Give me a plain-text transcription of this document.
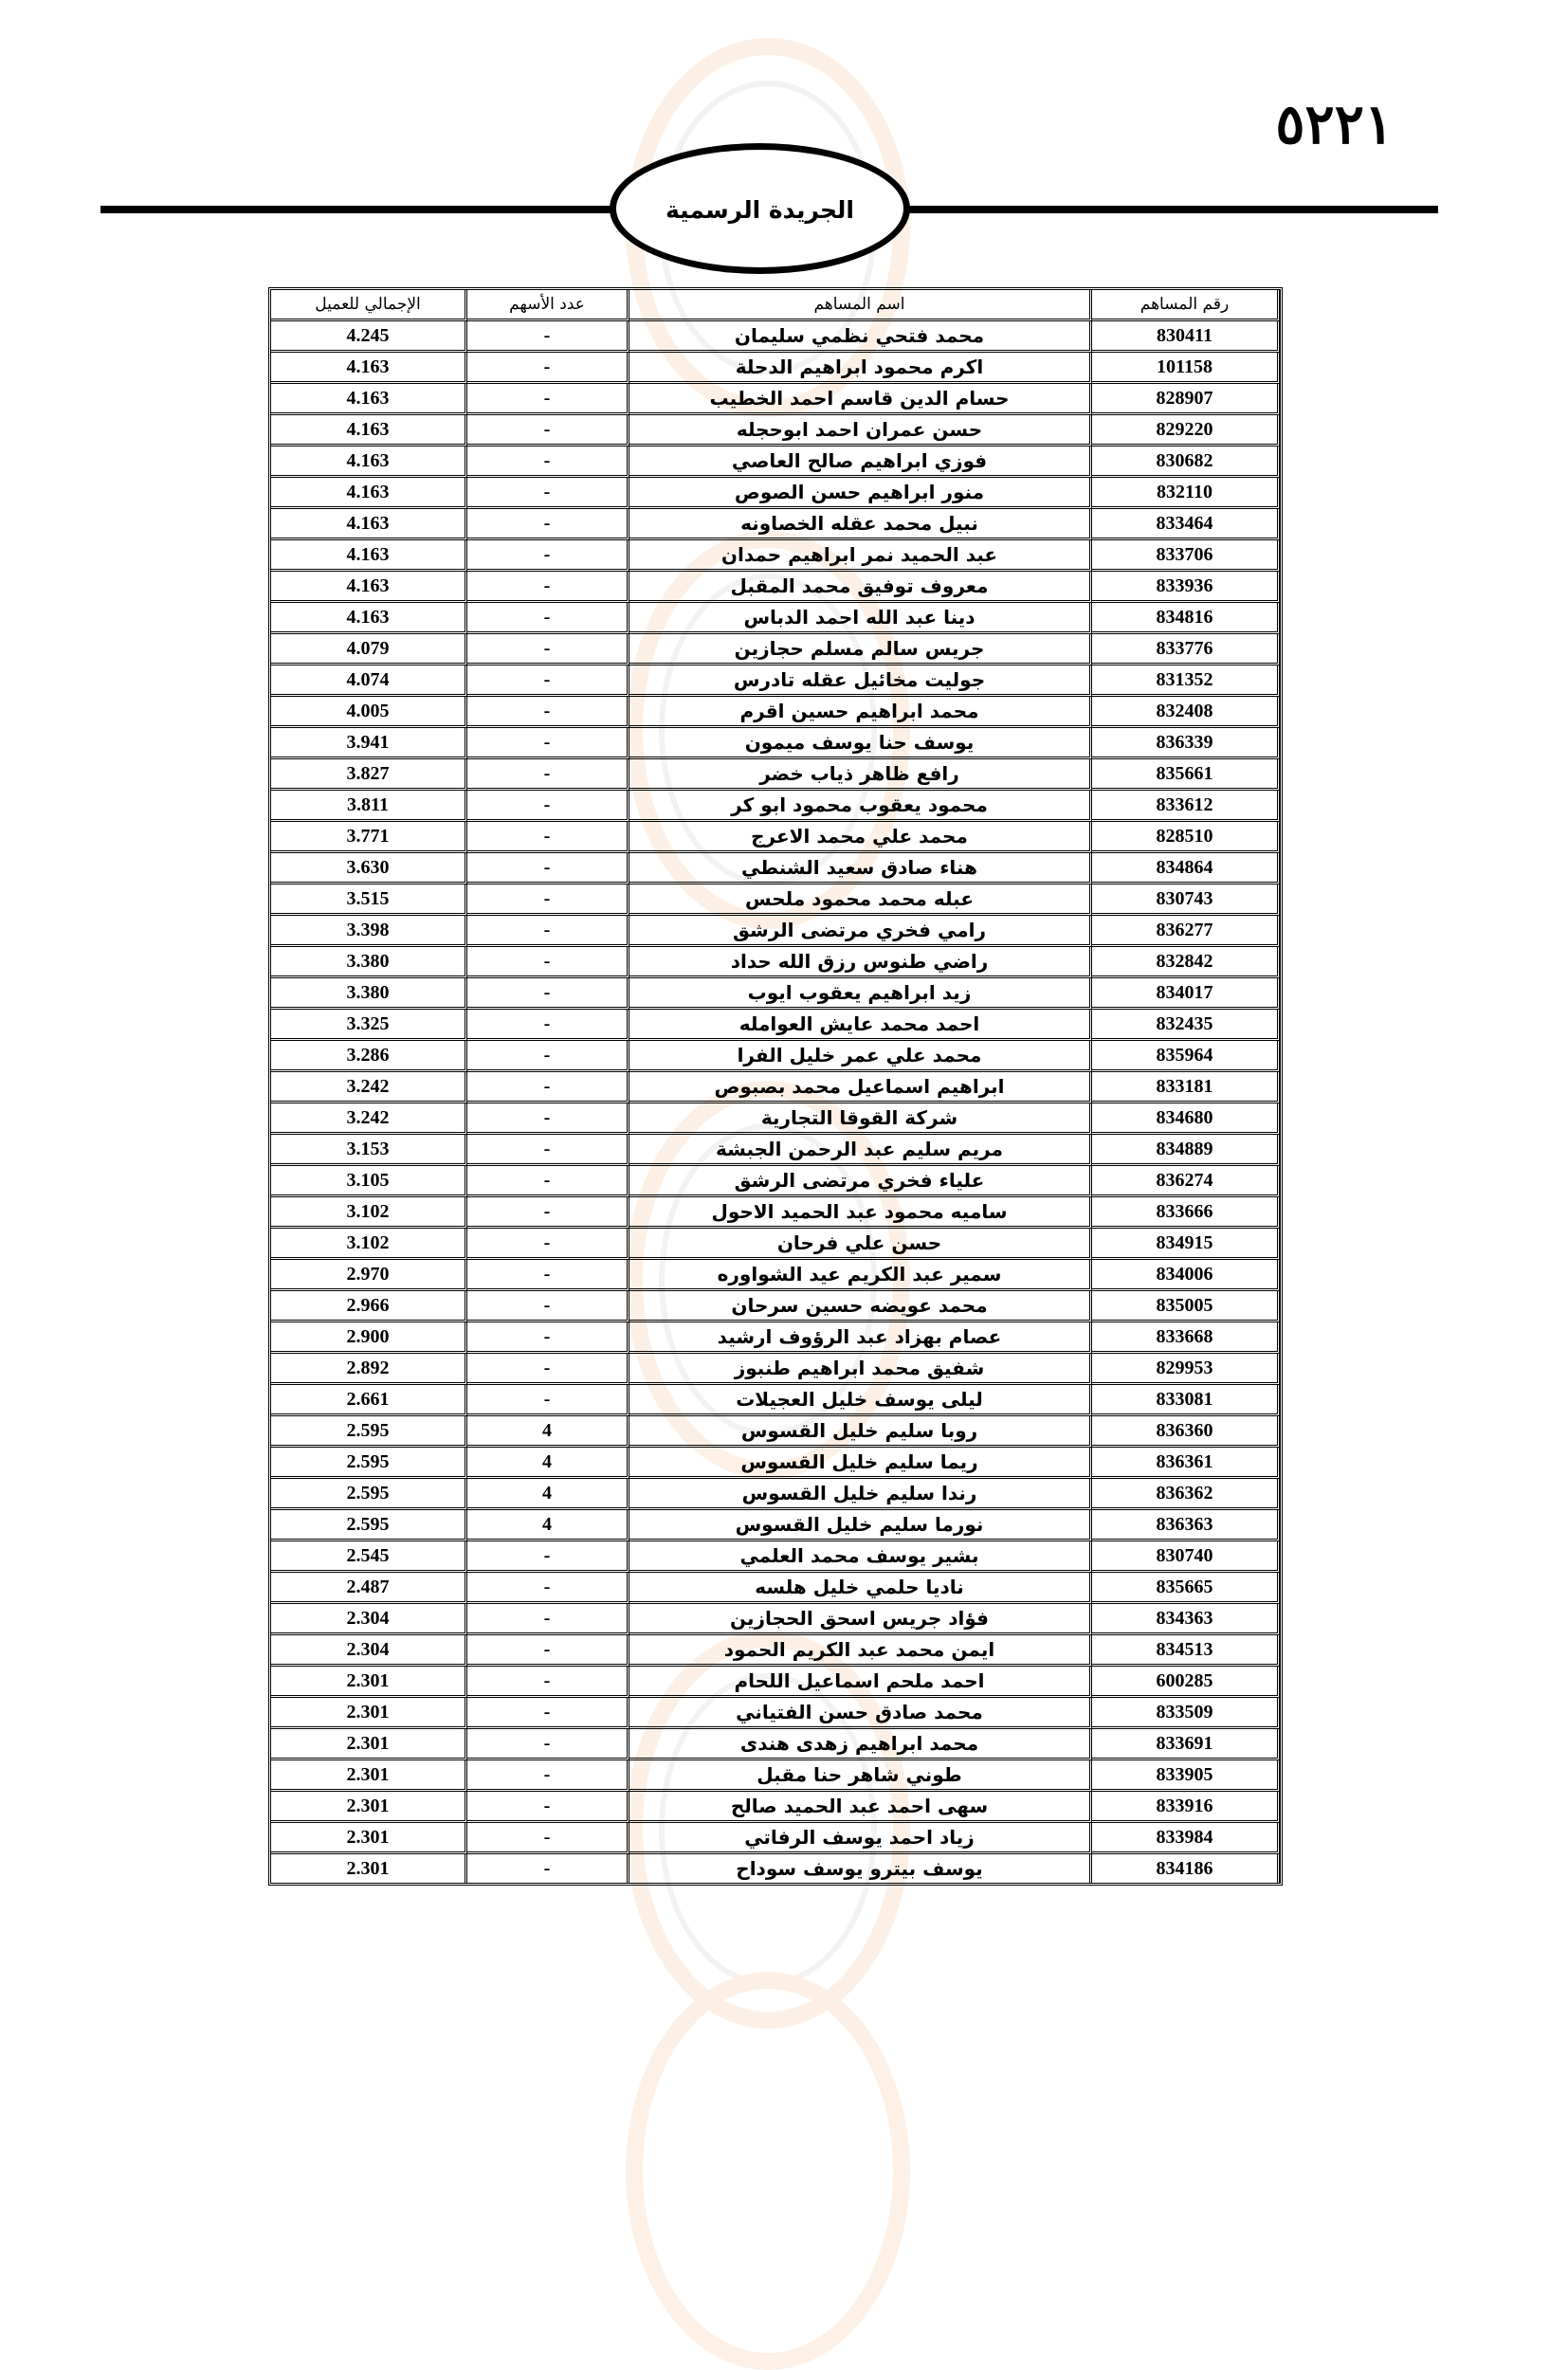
٥٢٢١
الجريدة الرسمية
رقم المساهم	اسم المساهم	عدد الأسهم	الإجمالي للعميل
830411	محمد فتحي نظمي سليمان	-	4.245
101158	اكرم محمود ابراهيم الدحلة	-	4.163
828907	حسام الدين قاسم احمد الخطيب	-	4.163
829220	حسن عمران احمد ابوحجله	-	4.163
830682	فوزي ابراهيم صالح العاصي	-	4.163
832110	منور ابراهيم حسن الصوص	-	4.163
833464	نبيل محمد عقله الخصاونه	-	4.163
833706	عبد الحميد نمر ابراهيم حمدان	-	4.163
833936	معروف توفيق محمد المقبل	-	4.163
834816	دينا عبد الله احمد الدباس	-	4.163
833776	جريس سالم مسلم حجازين	-	4.079
831352	جوليت مخائيل عقله تادرس	-	4.074
832408	محمد ابراهيم حسين اقرم	-	4.005
836339	يوسف حنا يوسف ميمون	-	3.941
835661	رافع ظاهر ذياب خضر	-	3.827
833612	محمود يعقوب محمود ابو كر	-	3.811
828510	محمد علي محمد الاعرج	-	3.771
834864	هناء صادق سعيد الشنطي	-	3.630
830743	عبله محمد محمود ملحس	-	3.515
836277	رامي فخري مرتضى الرشق	-	3.398
832842	راضي طنوس رزق الله حداد	-	3.380
834017	زيد ابراهيم يعقوب ايوب	-	3.380
832435	احمد محمد عايش العوامله	-	3.325
835964	محمد علي عمر خليل الفرا	-	3.286
833181	ابراهيم اسماعيل محمد بصبوص	-	3.242
834680	شركة القوقا التجارية	-	3.242
834889	مريم سليم عبد الرحمن الجبشة	-	3.153
836274	علياء فخري مرتضى الرشق	-	3.105
833666	ساميه محمود عبد الحميد الاحول	-	3.102
834915	حسن علي فرحان	-	3.102
834006	سمير عبد الكريم عيد الشواوره	-	2.970
835005	محمد عويضه حسين سرحان	-	2.966
833668	عصام بهزاد عبد الرؤوف ارشيد	-	2.900
829953	شفيق محمد ابراهيم طنبوز	-	2.892
833081	ليلى يوسف خليل العجيلات	-	2.661
836360	روبا سليم خليل القسوس	4	2.595
836361	ريما سليم خليل القسوس	4	2.595
836362	رندا سليم خليل القسوس	4	2.595
836363	نورما سليم خليل القسوس	4	2.595
830740	بشير يوسف محمد العلمي	-	2.545
835665	ناديا حلمي خليل هلسه	-	2.487
834363	فؤاد جريس اسحق الحجازين	-	2.304
834513	ايمن محمد عبد الكريم الحمود	-	2.304
600285	احمد ملحم اسماعيل اللحام	-	2.301
833509	محمد صادق حسن الفتياني	-	2.301
833691	محمد ابراهيم زهدى هندى	-	2.301
833905	طوني شاهر حنا مقبل	-	2.301
833916	سهى احمد عبد الحميد صالح	-	2.301
833984	زياد احمد يوسف الرفاتي	-	2.301
834186	يوسف بيترو يوسف سوداح	-	2.301
